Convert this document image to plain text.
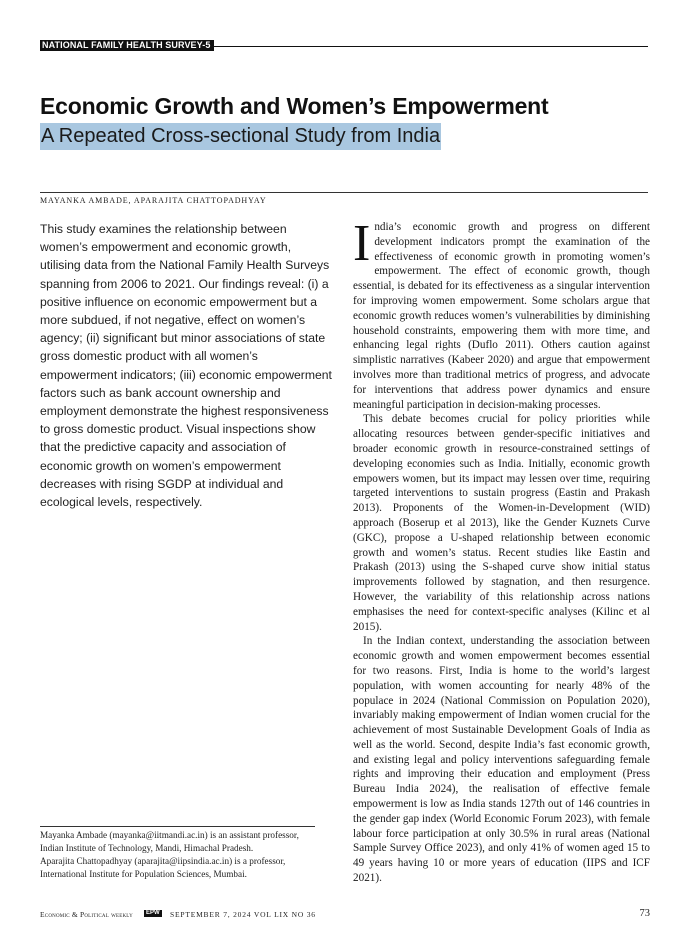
NATIONAL FAMILY HEALTH SURVEY-5
Economic Growth and Women’s Empowerment
A Repeated Cross-sectional Study from India
MAYANKA AMBADE, APARAJITA CHATTOPADHYAY

This study examines the relationship between women’s empowerment and economic growth, utilising data from the National Family Health Surveys spanning from 2006 to 2021. Our findings reveal: (i) a positive influence on economic empowerment but a more subdued, if not negative, effect on women’s agency; (ii) significant but minor associations of state gross domestic product with all women’s empowerment indicators; (iii) economic empowerment factors such as bank account ownership and employment demonstrate the highest responsiveness to gross domestic product. Visual inspections show that the predictive capacity and association of economic growth on women’s empowerment decreases with rising SGDP at individual and ecological levels, respectively.

Mayanka Ambade (mayanka@iitmandi.ac.in) is an assistant professor, Indian Institute of Technology, Mandi, Himachal Pradesh.

Aparajita Chattopadhyay (aparajita@iipsindia.ac.in) is a professor, International Institute for Population Sciences, Mumbai.

India’s economic growth and progress on different development indicators prompt the examination of the effectiveness of economic growth in promoting women’s empowerment. The effect of economic growth, though essential, is debated for its effectiveness as a singular intervention for improving women empowerment. Some scholars argue that economic growth reduces women’s vulnerabilities by diminishing household constraints, empowering them with more time, and enhancing legal rights (Duflo 2011). Others caution against simplistic narratives (Kabeer 2020) and argue that empowerment involves more than traditional metrics of progress, and advocate for interventions that address power dynamics and ensure meaningful participation in decision-making processes.

This debate becomes crucial for policy priorities while allocating resources between gender-specific initiatives and broader economic growth in resource-constrained settings of developing economies such as India. Initially, economic growth empowers women, but its impact may lessen over time, requiring targeted interventions to sustain progress (Eastin and Prakash 2013). Proponents of the Women-in-Development (WID) approach (Boserup et al 2013), like the Gender Kuznets Curve (GKC), propose a U-shaped relationship between economic growth and women’s status. Recent studies like Eastin and Prakash (2013) using the S-shaped curve show initial status improvements followed by stagnation, and then resurgence. However, the variability of this relationship across nations emphasises the need for context-specific analyses (Kilinc et al 2015).

In the Indian context, understanding the association between economic growth and women empowerment becomes essential for two reasons. First, India is home to the world’s largest population, with women accounting for nearly 48% of the populace in 2024 (National Commission on Population 2020), invariably making empowerment of Indian women crucial for the achievement of most Sustainable Development Goals of India as well as the world. Second, despite India’s fast economic growth, and existing legal and policy interventions safeguarding female rights and improving their education and employment (Press Bureau India 2024), the realisation of effective female empowerment is low as India stands 127th out of 146 countries in the gender gap index (World Economic Forum 2023), with female labour force participation at only 30.5% in rural areas (National Sample Survey Office 2023), and only 41% of women aged 15 to 49 years having 10 or more years of education (IIPS and ICF 2021).

Economic & Political weekly	EPW SEPTEMBER 7, 2024 VOL LIX NO 36	73
